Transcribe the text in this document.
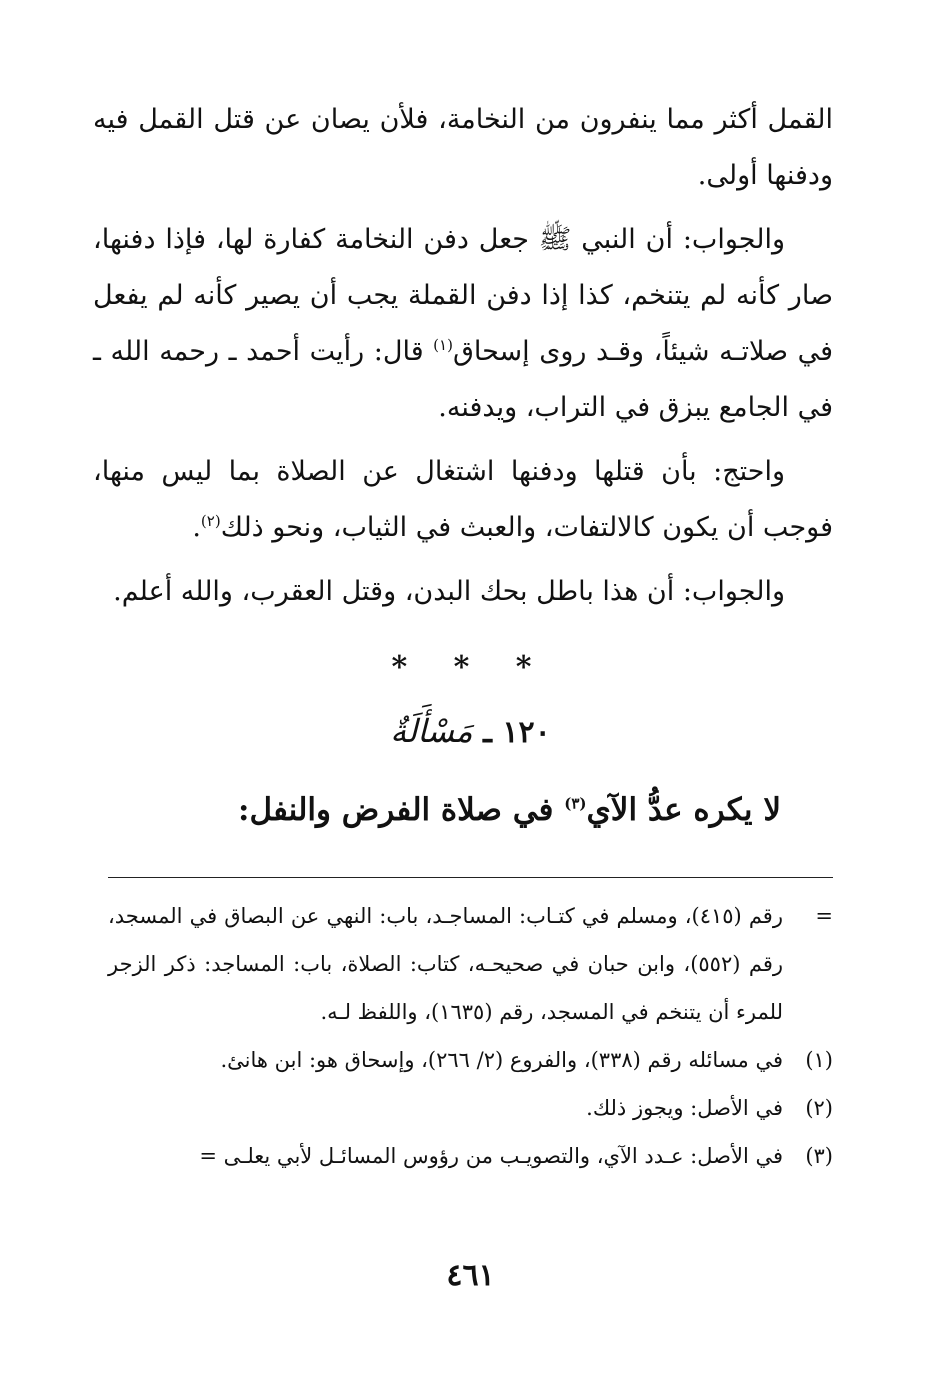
القمل أكثر مما ينفرون من النخامة، فلأن يصان عن قتل القمل فيه ودفنها أولى.

والجواب: أن النبي ﷺ جعل دفن النخامة كفارة لها، فإذا دفنها، صار كأنه لم يتنخم، كذا إذا دفن القملة يجب أن يصير كأنه لم يفعل في صلاتـه شيئاً، وقـد روى إسحاق$^{(١)}$ قال: رأيت أحمد ـ رحمه الله ـ في الجامع يبزق في التراب، ويدفنه.

واحتج: بأن قتلها ودفنها اشتغال عن الصلاة بما ليس منها، فوجب أن يكون كالالتفات، والعبث في الثياب، ونحو ذلك$^{(٢)}$.

والجواب: أن هذا باطل بحك البدن، وقتل العقرب، والله أعلم.

* * *
١٢٠ ـ مَسْأَلَةٌ
لا يكره عدُّ الآي$^{(٣)}$ في صلاة الفرض والنفل:
=
رقم (٤١٥)، ومسلم في كتـاب: المساجـد، باب: النهي عن البصاق في المسجد، رقم (٥٥٢)، وابن حبان في صحيحـه، كتاب: الصلاة، باب: المساجد: ذكر الزجر للمرء أن يتنخم في المسجد، رقم (١٦٣٥)، واللفظ لـه.
(١)
في مسائله رقم (٣٣٨)، والفروع (٢/ ٢٦٦)، وإسحاق هو: ابن هانئ.
(٢)
في الأصل: ويجوز ذلك.
(٣)
في الأصل: عـدد الآي، والتصويـب من رؤوس المسائـل لأبي يعلـى =
٤٦١
